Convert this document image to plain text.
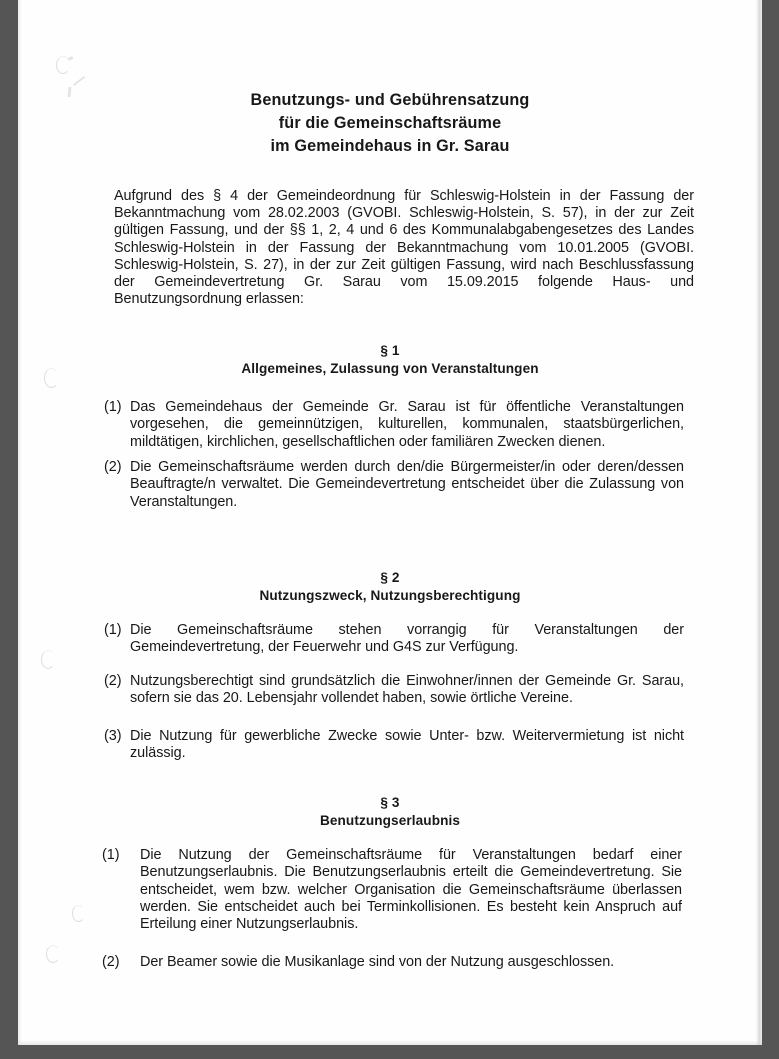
Benutzungs- und Gebührensatzung
für die Gemeinschaftsräume
im Gemeindehaus in Gr. Sarau
Aufgrund des § 4 der Gemeindeordnung für Schleswig-Holstein in der Fassung der Bekanntmachung vom 28.02.2003 (GVOBI. Schleswig-Holstein, S. 57), in der zur Zeit gültigen Fassung, und der §§ 1, 2, 4 und 6 des Kommunalabgabengesetzes des Landes Schleswig-Holstein in der Fassung der Bekanntmachung vom 10.01.2005 (GVOBI. Schleswig-Holstein, S. 27), in der zur Zeit gültigen Fassung, wird nach Beschlussfassung der Gemeindevertretung Gr. Sarau vom 15.09.2015 folgende Haus- und Benutzungsordnung erlassen:
§ 1
Allgemeines, Zulassung von Veranstaltungen
(1) Das Gemeindehaus der Gemeinde Gr. Sarau ist für öffentliche Veranstaltungen vorgesehen, die gemeinnützigen, kulturellen, kommunalen, staatsbürgerlichen, mildtätigen, kirchlichen, gesellschaftlichen oder familiären Zwecken dienen.
(2) Die Gemeinschaftsräume werden durch den/die Bürgermeister/in oder deren/dessen Beauftragte/n verwaltet. Die Gemeindevertretung entscheidet über die Zulassung von Veranstaltungen.
§ 2
Nutzungszweck, Nutzungsberechtigung
(1) Die Gemeinschaftsräume stehen vorrangig für Veranstaltungen der Gemeindevertretung, der Feuerwehr und G4S zur Verfügung.
(2) Nutzungsberechtigt sind grundsätzlich die Einwohner/innen der Gemeinde Gr. Sarau, sofern sie das 20. Lebensjahr vollendet haben, sowie örtliche Vereine.
(3) Die Nutzung für gewerbliche Zwecke sowie Unter- bzw. Weitervermietung ist nicht zulässig.
§ 3
Benutzungserlaubnis
(1)	Die Nutzung der Gemeinschaftsräume für Veranstaltungen bedarf einer Benutzungserlaubnis. Die Benutzungserlaubnis erteilt die Gemeindevertretung. Sie entscheidet, wem bzw. welcher Organisation die Gemeinschaftsräume überlassen werden. Sie entscheidet auch bei Terminkollisionen. Es besteht kein Anspruch auf Erteilung einer Nutzungserlaubnis.
(2)	Der Beamer sowie die Musikanlage sind von der Nutzung ausgeschlossen.
